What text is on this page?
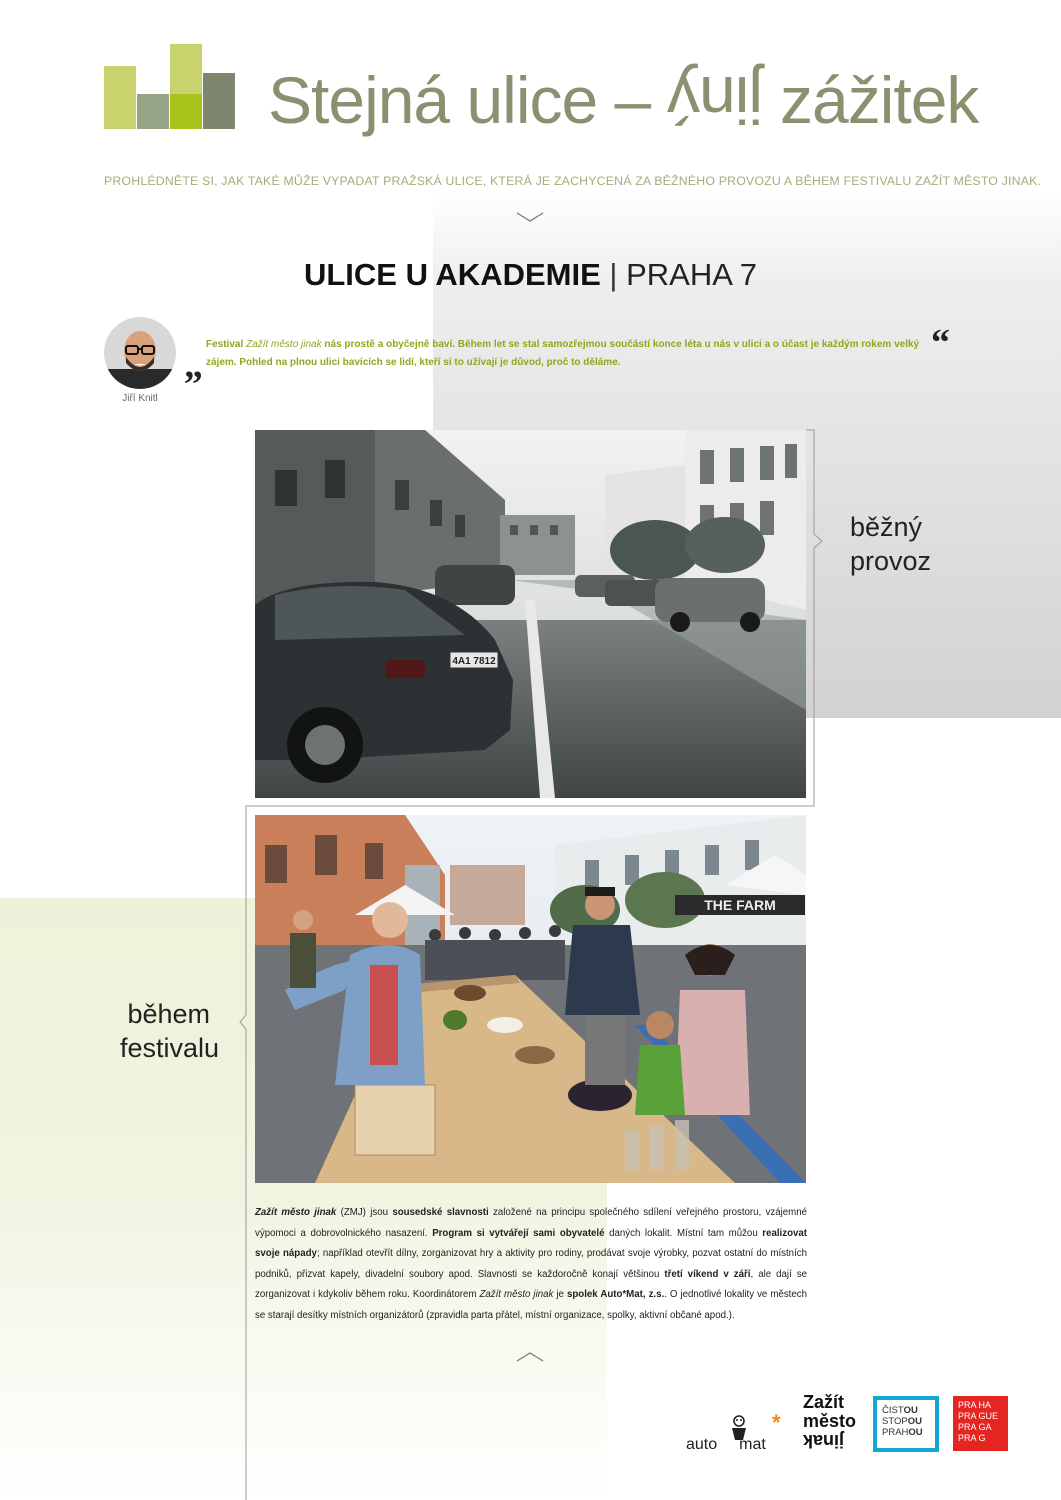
Stejná ulice – jiný zážitek
PROHLÉDNĚTE SI, JAK TAKÉ MŮŽE VYPADAT PRAŽSKÁ ULICE, KTERÁ JE ZACHYCENÁ ZA BĚŽNÉHO PROVOZU A BĚHEM FESTIVALU ZAŽÍT MĚSTO JINAK.
ULICE U AKADEMIE | PRAHA 7
Jiří Knitl
„ Festival Zažít město jinak nás prostě a obyčejně baví. Během let se stal samozřejmou součástí konce léta u nás v ulici a o účast je každým rokem velký zájem. Pohled na plnou ulici bavících se lidí, kteří si to užívají je důvod, proč to děláme.	“
4A1 7812
THE FARM
běžný
provoz
během
festivalu
Zažít město jinak (ZMJ) jsou sousedské slavnosti založené na principu společného sdílení veřejného prostoru, vzájemné výpomoci a dobrovolnického nasazení. Program si vytvářejí sami obyvatelé daných lokalit. Místní tam můžou realizovat svoje nápady; například otevřít dílny, zorganizovat hry a aktivity pro rodiny, prodávat svoje výrobky, pozvat ostatní do místních podniků, přizvat kapely, divadelní soubory apod. Slavnosti se každoročně konají většinou třetí víkend v září, ale dají se zorganizovat i kdykoliv během roku. Koordinátorem Zažít město jinak je spolek Auto*Mat, z.s.. O jednotlivé lokality ve městech se starají desítky místních organizátorů (zpravidla parta přátel, místní organizace, spolky, aktivní občané apod.).
auto mat
*
Zažít
město
jinak
ČISTOU
STOPOU
PRAHOU
PRA HA
PRA GUE
PRA GA
PRA G
